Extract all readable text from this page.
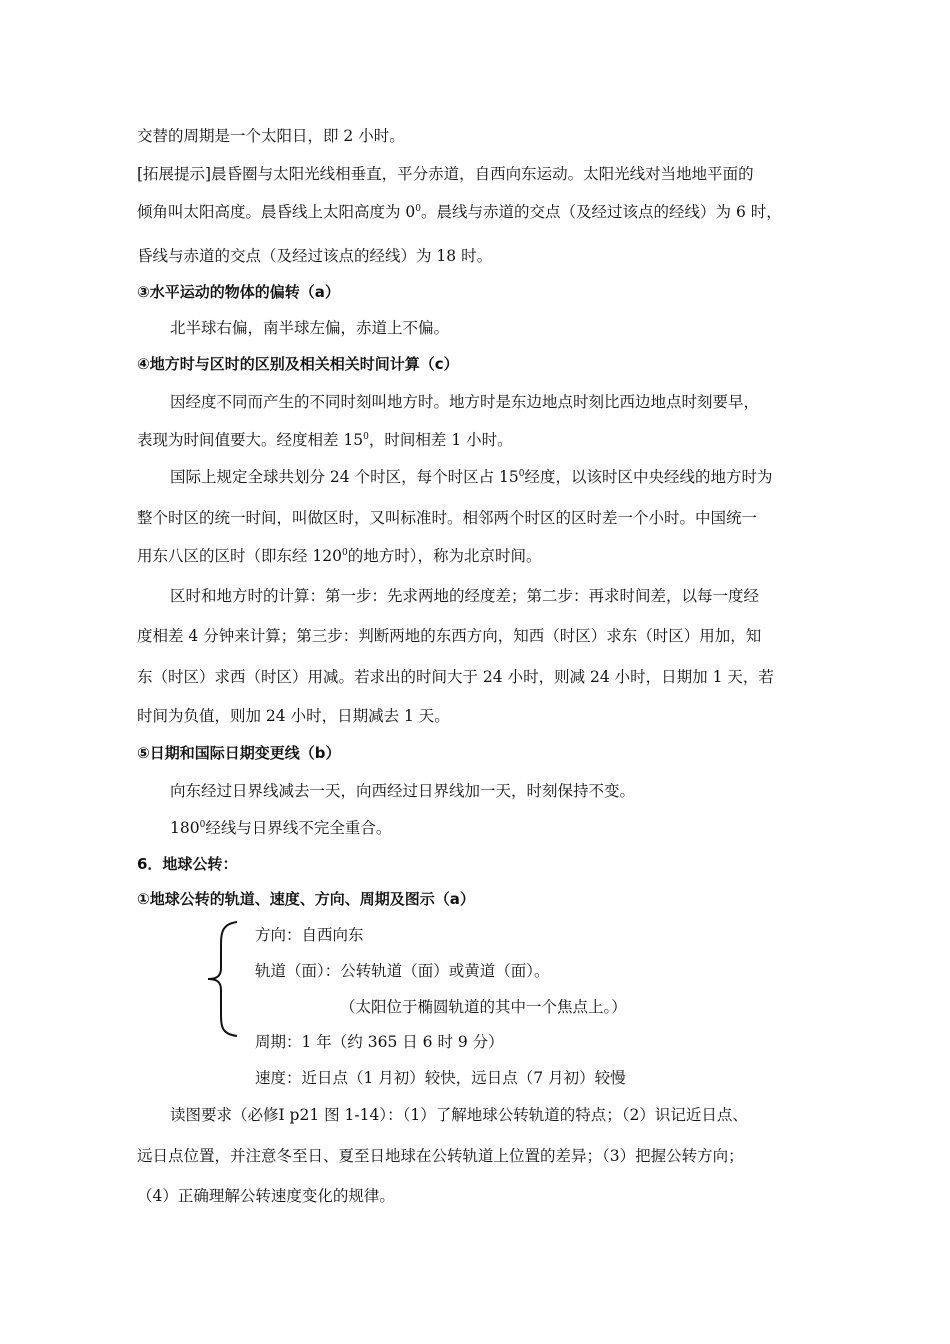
交替的周期是一个太阳日，即 2 小时。
[拓展提示]晨昏圈与太阳光线相垂直，平分赤道，自西向东运动。太阳光线对当地地平面的
倾角叫太阳高度。晨昏线上太阳高度为 $0^0$。晨线与赤道的交点（及经过该点的经线）为 6 时，
昏线与赤道的交点（及经过该点的经线）为 18 时。
③水平运动的物体的偏转（a）
北半球右偏，南半球左偏，赤道上不偏。
④地方时与区时的区别及相关相关时间计算（c）
因经度不同而产生的不同时刻叫地方时。地方时是东边地点时刻比西边地点时刻要早，
表现为时间值要大。经度相差 $15^0$，时间相差 1 小时。
国际上规定全球共划分 24 个时区，每个时区占 $15^0$经度，以该时区中央经线的地方时为
整个时区的统一时间，叫做区时，又叫标准时。相邻两个时区的区时差一个小时。中国统一
用东八区的区时（即东经 $120^0$的地方时），称为北京时间。
区时和地方时的计算：第一步：先求两地的经度差；第二步：再求时间差，以每一度经
度相差 4 分钟来计算；第三步：判断两地的东西方向，知西（时区）求东（时区）用加，知
东（时区）求西（时区）用减。若求出的时间大于 24 小时，则减 24 小时，日期加 1 天，若
时间为负值，则加 24 小时，日期减去 1 天。
⑤日期和国际日期变更线（b）
向东经过日界线减去一天，向西经过日界线加一天，时刻保持不变。
$180^0$经线与日界线不完全重合。
6．地球公转：
①地球公转的轨道、速度、方向、周期及图示（a）
方向：自西向东
轨道（面）：公转轨道（面）或黄道（面）。
（太阳位于椭圆轨道的其中一个焦点上。）
周期：1 年（约 365 日 6 时 9 分）
速度：近日点（1 月初）较快，远日点（7 月初）较慢
读图要求（必修Ⅰ p21 图 1-14）：（1）了解地球公转轨道的特点；（2）识记近日点、
远日点位置，并注意冬至日、夏至日地球在公转轨道上位置的差异；（3）把握公转方向；
（4）正确理解公转速度变化的规律。
